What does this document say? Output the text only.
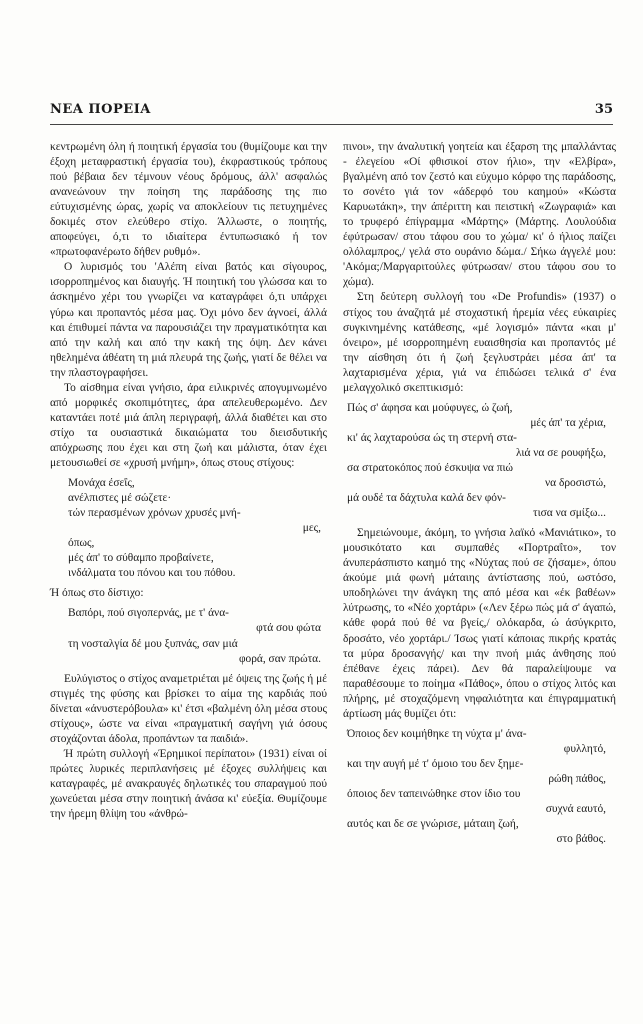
ΝΕΑ ΠΟΡΕΙΑ	35

κεντρωμένη όλη ή ποιητική έργασία του (θυμίζουμε και την έξοχη μεταφραστική έργασία του), έκφραστικούς τρόπους πού βέβαια δεν τέμνουν νέους δρόμους, άλλ' ασφαλώς ανανεώνουν την ποίηση της παράδοσης της πιο εύτυχισμένης ώρας, χωρίς να αποκλείουν τις πετυχημένες δοκιμές στον ελεύθερο στίχο. Άλλωστε, ο ποιητής, αποφεύγει, ό,τι το ιδιαίτερα έντυπωσιακό ή τον «πρωτοφανέρωτο δήθεν ρυθμό».

Ο λυρισμός του 'Αλέπη είναι βατός και σίγουρος, ισορροπημένος και διαυγής. Ή ποιητική του γλώσσα και το άσκημένο χέρι του γνωρίζει να καταγράφει ό,τι υπάρχει γύρω και προπαντός μέσα μας. Όχι μόνο δεν άγνοεί, άλλά και έπιθυμεί πάντα να παρουσιάζει την πραγματικότητα και από την καλή και από την κακή της όψη. Δεν κάνει ηθελημένα άθέατη τη μιά πλευρά της ζωής, γιατί δε θέλει να την πλαστογραφήσει.

Το αίσθημα είναι γνήσιο, άρα ειλικρινές απογυμνωμένο από μορφικές σκοπιμότητες, άρα απελευθερωμένο. Δεν καταντάει ποτέ μιά άπλη περιγραφή, άλλά διαθέτει και στο στίχο τα ουσιαστικά δικαιώματα του διεισδυτικής απόχρωσης που έχει και στη ζωή και μάλιστα, όταν έχει μετουσιωθεί σε «χρυσή μνήμη», όπως στους στίχους:

Μονάχα έσεΐς,
ανέλπιστες μέ σώζετε·
τών περασμένων χρόνων χρυσές μνή-
μες,
όπως,
μές άπ' το σύθαμπο προβαίνετε,
ινδάλματα του πόνου και του πόθου.

Ή όπως στο δίστιχο:

Βαπόρι, πού σιγοπερνάς, με τ' άνα-
φτά σου φώτα
τη νοσταλγία δέ μου ξυπνάς, σαν μιά
φορά, σαν πρώτα.

Ευλύγιστος ο στίχος αναμετριέται μέ όψεις της ζωής ή μέ στιγμές της φύσης και βρίσκει το αίμα της καρδιάς πού δίνεται «άνυστερόβουλα» κι' έτσι «βαλμένη όλη μέσα στους στίχους», ώστε να είναι «πραγματική σαγήνη γιά όσους στοχάζονται άδολα, προπάντων τα παιδιά».

Ή πρώτη συλλογή «Έρημικοί περίπατοι» (1931) είναι οί πρώτες λυρικές περιπλανήσεις μέ έξοχες συλλήψεις και καταγραφές, μέ ανακραυγές δηλωτικές του σπαραγμού πού χωνεύεται μέσα στην ποιητική άνάσα κι' εύεξία. Θυμίζουμε την ήρεμη θλίψη του «άνθρώ-

πινοι», την άναλυτική γοητεία και έξαρση της μπαλλάντας - έλεγείου «Οί φθισικοί στον ήλιο», την «Ελβίρα», βγαλμένη από τον ζεστό και εύχυμο κόρφο της παράδοσης, το σονέτο γιά τον «άδερφό του καημού» «Κώστα Καρυωτάκη», την άπέριττη και πειστική «Ζωγραφιά» και το τρυφερό έπίγραμμα «Μάρτης» (Μάρτης. Λουλούδια έφύτρωσαν/ στου τάφου σου το χώμα/ κι' ό ήλιος παίζει ολόλαμπρος,/ γελά στο ουράνιο δώμα./ Σήκω άγγελέ μου: 'Ακόμα;/Μαργαριτούλες φύτρωσαν/ στου τάφου σου το χώμα).

Στη δεύτερη συλλογή του «De Profundis» (1937) ο στίχος του άναζητά μέ στοχαστική ήρεμία νέες εύκαιρίες συγκινημένης κατάθεσης, «μέ λογισμό» πάντα «και μ' όνειρο», μέ ισορροπημένη ευαισθησία και προπαντός μέ την αίσθηση ότι ή ζωή ξεγλυστράει μέσα άπ' τα λαχταρισμένα χέρια, γιά να έπιδώσει τελικά σ' ένα μελαγχολικό σκεπτικισμό:

Πώς σ' άφησα και μούφυγες, ώ ζωή,
μές άπ' τα χέρια,
κι' άς λαχταρούσα ώς τη στερνή στα-
λιά να σε ρουφήξω,
σα στρατοκόπος πού έσκυψα να πιώ
να δροσιστώ,
μά ουδέ τα δάχτυλα καλά δεν φόν-
τισα να σμίξω...

Σημειώνουμε, άκόμη, το γνήσια λαϊκό «Μανιάτικο», το μουσικότατο και συμπαθές «Πορτραΐτο», τον άνυπεράσπιστο καημό της «Νύχτας πού σε ζήσαμε», όπου άκούμε μιά φωνή μάταιης άντίστασης πού, ωστόσο, υποδηλώνει την άνάγκη της από μέσα και «έκ βαθέων» λύτρωσης, το «Νέο χορτάρι» («Λεν ξέρω πώς μά σ' άγαπώ, κάθε φορά πού θέ να βγείς,/ ολόκαρδα, ώ άσύγκριτο, δροσάτο, νέο χορτάρι./ Ίσως γιατί κάποιας πικρής κρατάς τα μύρα δροσανγής/ και την πνοή μιάς άνθησης πού έπέθανε έχεις πάρει). Δεν θά παραλείψουμε να παραθέσουμε το ποίημα «Πάθος», όπου ο στίχος λιτός και πλήρης, μέ στοχαζόμενη νηφαλιότητα και έπιγραμματική άρτίωση μάς θυμίζει ότι:

Όποιος δεν κοιμήθηκε τη νύχτα μ' άνα-
φυλλητό,
και την αυγή μέ τ' όμοιο του δεν ξημε-
ρώθη πάθος,
όποιος δεν ταπεινώθηκε στον ίδιο του
συχνά εαυτό,
αυτός και δε σε γνώρισε, μάταιη ζωή,
στο βάθος.
